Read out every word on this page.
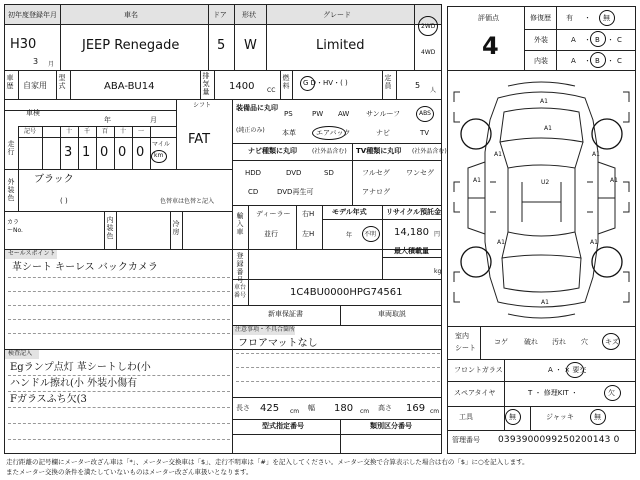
初年度登録年月
H30
3 月
車名
JEEP Renegade
ドア
5
形状
W
グレード
Limited
2WD
4WD
車歴 自家用 型式	ABA-BU14	排気量 1400 CC
燃料 G D・HV・( )	定員	5
人
車検
年	月
シフト
FAT
走行
記号	十 千 百 十 一
3 1 0 0 0
マイル
km
外装色 ブラック
( )	色替車は色替と記入
カラーNo.	内装色	冷房
セールスポイント
革シート キーレス バックカメラ
検査記入
Egランプ点灯 革シートしわ(小
ハンドル擦れ(小 外装小傷有
Fガラスふち欠(3
装備品に丸印
(純正のみ)
PS	PW AW サンルーフ	ABS
本革	エアバック	ナビ	TV
ナビ種類に丸印	(社外品含む)
HDD	DVD	SD
CD	DVD再生可
TV種類に丸印 (社外品含む)
フルセグ ワンセグ
アナログ
輸入車 ディーラー
並行
右H
左H
モデル年式
年 不明
リサイクル預託金
14,180 円
最大積載量
kg
登録番号
車台番号	1C4BU0000HPG74561
新車保証書	車両取説
注意事項・不具合箇所
フロアマットなし
長さ 425 cm 幅 180 cm 高さ 169 cm
型式指定番号	類別区分番号
評価点
4
修復歴 有 ・ 無
外装	A ・ B ・ C
内装	A ・ B ・ C
A1
A1
A1	A1
A1	A1
A1	A1
U2
A1
室内
シート
コゲ 破れ 汚れ 穴 キズ
フロントガラス	A ・ × 要交
スペアタイヤ	T ・ 修理KIT ・	欠
工具	無	ジャッキ	無
管理番号 0393900099250200143 0
走行距離の記号欄にメーター改ざん車は「*」、メーター交換車は「$」、走行不明車は「#」を記入してください。メーター交換で合算表示した場合は右の「$」に○を記入します。
またメーター交換の条件を満たしていないものはメーター改ざん車扱いとなります。
